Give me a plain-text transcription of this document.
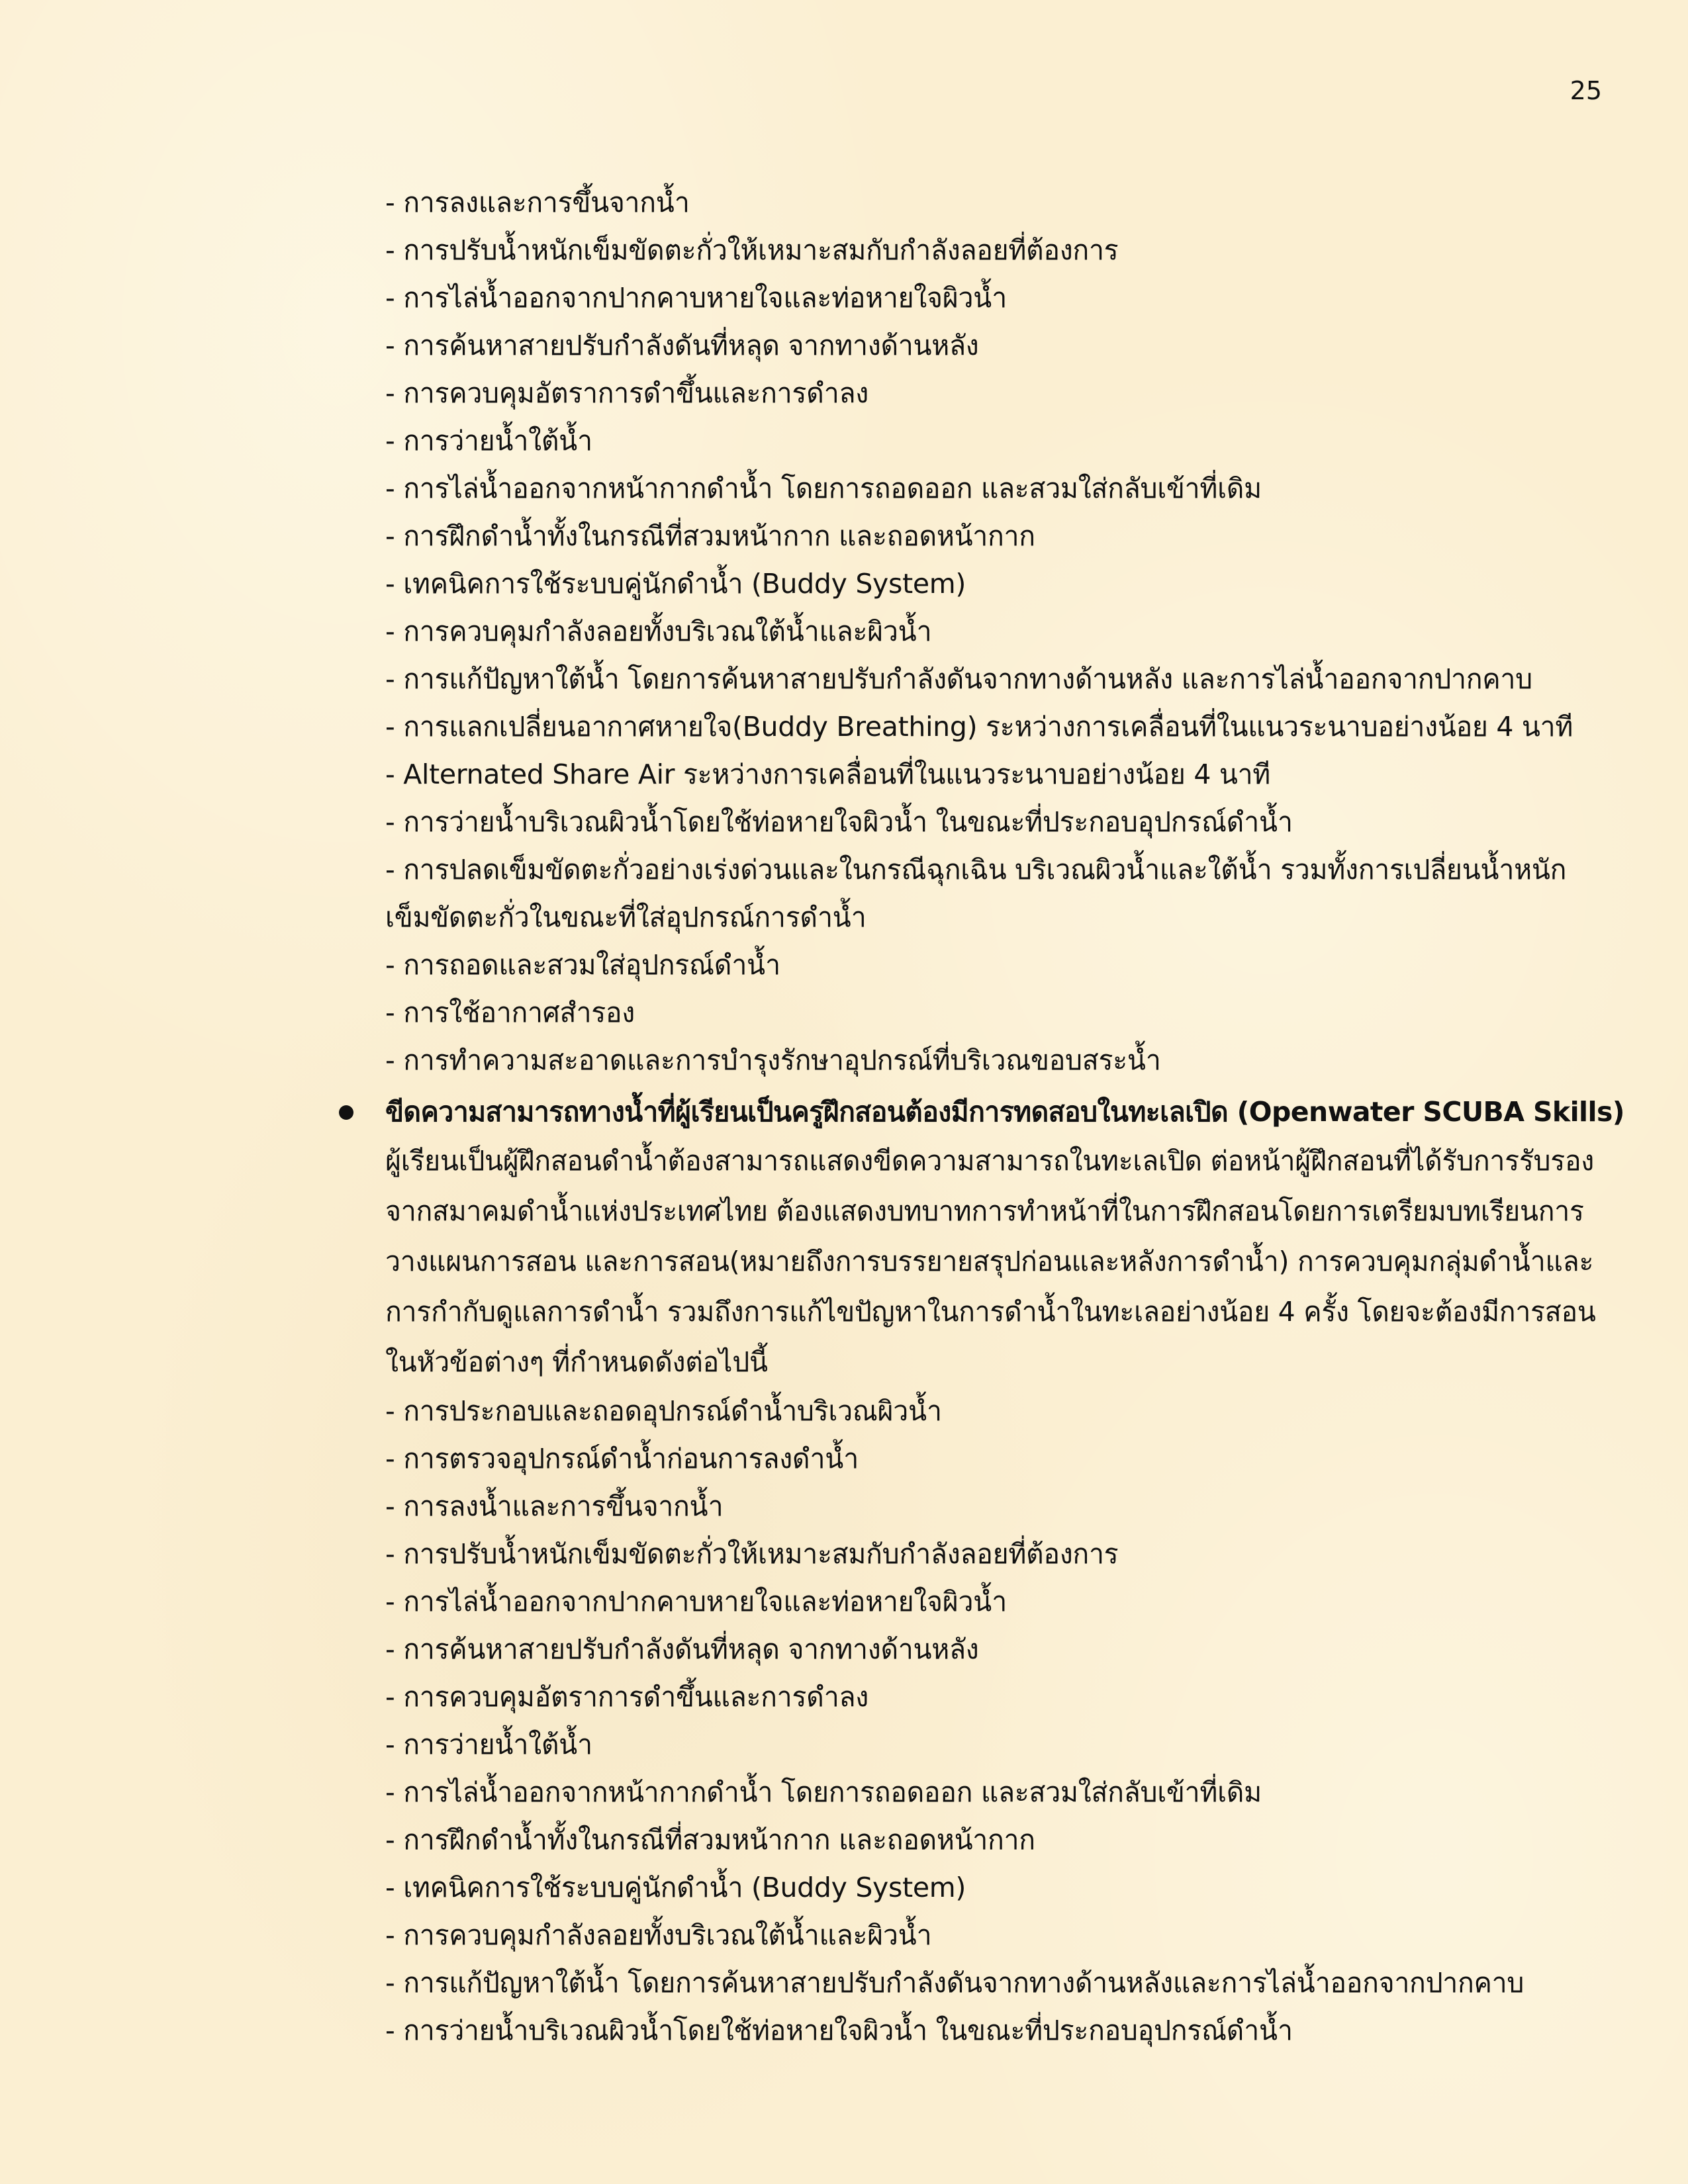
25
- การลงและการขึ้นจากน้ำ
- การปรับน้ำหนักเข็มขัดตะกั่วให้เหมาะสมกับกำลังลอยที่ต้องการ
- การไล่น้ำออกจากปากคาบหายใจและท่อหายใจผิวน้ำ
- การค้นหาสายปรับกำลังดันที่หลุด จากทางด้านหลัง
- การควบคุมอัตราการดำขึ้นและการดำลง
- การว่ายน้ำใต้น้ำ
- การไล่น้ำออกจากหน้ากากดำน้ำ โดยการถอดออก และสวมใส่กลับเข้าที่เดิม
- การฝึกดำน้ำทั้งในกรณีที่สวมหน้ากาก และถอดหน้ากาก
- เทคนิคการใช้ระบบคู่นักดำน้ำ (Buddy System)
- การควบคุมกำลังลอยทั้งบริเวณใต้น้ำและผิวน้ำ
- การแก้ปัญหาใต้น้ำ โดยการค้นหาสายปรับกำลังดันจากทางด้านหลัง และการไล่น้ำออกจากปากคาบ
- การแลกเปลี่ยนอากาศหายใจ(Buddy Breathing) ระหว่างการเคลื่อนที่ในแนวระนาบอย่างน้อย 4 นาที
- Alternated Share Air ระหว่างการเคลื่อนที่ในแนวระนาบอย่างน้อย 4 นาที
- การว่ายน้ำบริเวณผิวน้ำโดยใช้ท่อหายใจผิวน้ำ ในขณะที่ประกอบอุปกรณ์ดำน้ำ
- การปลดเข็มขัดตะกั่วอย่างเร่งด่วนและในกรณีฉุกเฉิน บริเวณผิวน้ำและใต้น้ำ รวมทั้งการเปลี่ยนน้ำหนักเข็มขัดตะกั่วในขณะที่ใส่อุปกรณ์การดำน้ำ
- การถอดและสวมใส่อุปกรณ์ดำน้ำ
- การใช้อากาศสำรอง
- การทำความสะอาดและการบำรุงรักษาอุปกรณ์ที่บริเวณขอบสระน้ำ
ขีดความสามารถทางน้ำที่ผู้เรียนเป็นครูฝึกสอนต้องมีการทดสอบในทะเลเปิด (Openwater SCUBA Skills)
ผู้เรียนเป็นผู้ฝึกสอนดำน้ำต้องสามารถแสดงขีดความสามารถในทะเลเปิด ต่อหน้าผู้ฝึกสอนที่ได้รับการรับรองจากสมาคมดำน้ำแห่งประเทศไทย ต้องแสดงบทบาทการทำหน้าที่ในการฝึกสอนโดยการเตรียมบทเรียนการวางแผนการสอน และการสอน(หมายถึงการบรรยายสรุปก่อนและหลังการดำน้ำ) การควบคุมกลุ่มดำน้ำและการกำกับดูแลการดำน้ำ รวมถึงการแก้ไขปัญหาในการดำน้ำในทะเลอย่างน้อย 4 ครั้ง โดยจะต้องมีการสอนในหัวข้อต่างๆ ที่กำหนดดังต่อไปนี้
- การประกอบและถอดอุปกรณ์ดำน้ำบริเวณผิวน้ำ
- การตรวจอุปกรณ์ดำน้ำก่อนการลงดำน้ำ
- การลงน้ำและการขึ้นจากน้ำ
- การปรับน้ำหนักเข็มขัดตะกั่วให้เหมาะสมกับกำลังลอยที่ต้องการ
- การไล่น้ำออกจากปากคาบหายใจและท่อหายใจผิวน้ำ
- การค้นหาสายปรับกำลังดันที่หลุด จากทางด้านหลัง
- การควบคุมอัตราการดำขึ้นและการดำลง
- การว่ายน้ำใต้น้ำ
- การไล่น้ำออกจากหน้ากากดำน้ำ โดยการถอดออก และสวมใส่กลับเข้าที่เดิม
- การฝึกดำน้ำทั้งในกรณีที่สวมหน้ากาก และถอดหน้ากาก
- เทคนิคการใช้ระบบคู่นักดำน้ำ (Buddy System)
- การควบคุมกำลังลอยทั้งบริเวณใต้น้ำและผิวน้ำ
- การแก้ปัญหาใต้น้ำ โดยการค้นหาสายปรับกำลังดันจากทางด้านหลังและการไล่น้ำออกจากปากคาบ
- การว่ายน้ำบริเวณผิวน้ำโดยใช้ท่อหายใจผิวน้ำ ในขณะที่ประกอบอุปกรณ์ดำน้ำ
